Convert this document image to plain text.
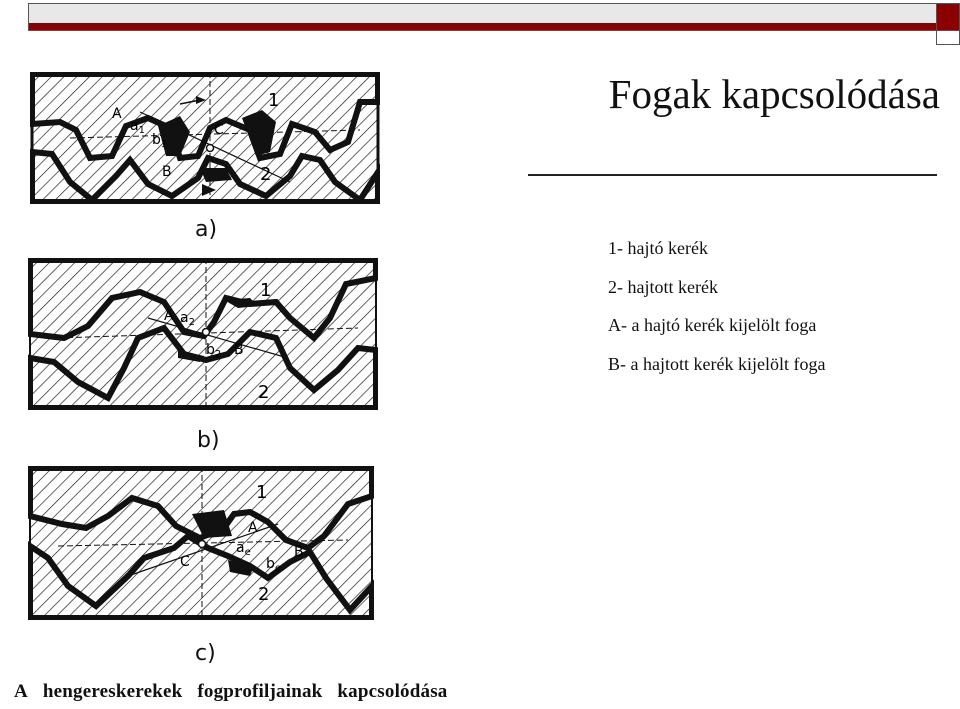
Fogak kapcsolódása
1- hajtó kerék
2- hajtott kerék
A- a hajtó kerék kijelölt foga
B- a hajtott kerék kijelölt foga
1
2
A
B
C
$a_1$
$b_1$
a)
1
2
A
B
$a_2$
$b_2$
b)
1
2
A
B
C
$a_e$
$b_e$
c)
A hengereskerekek fogprofiljainak kapcsolódása
